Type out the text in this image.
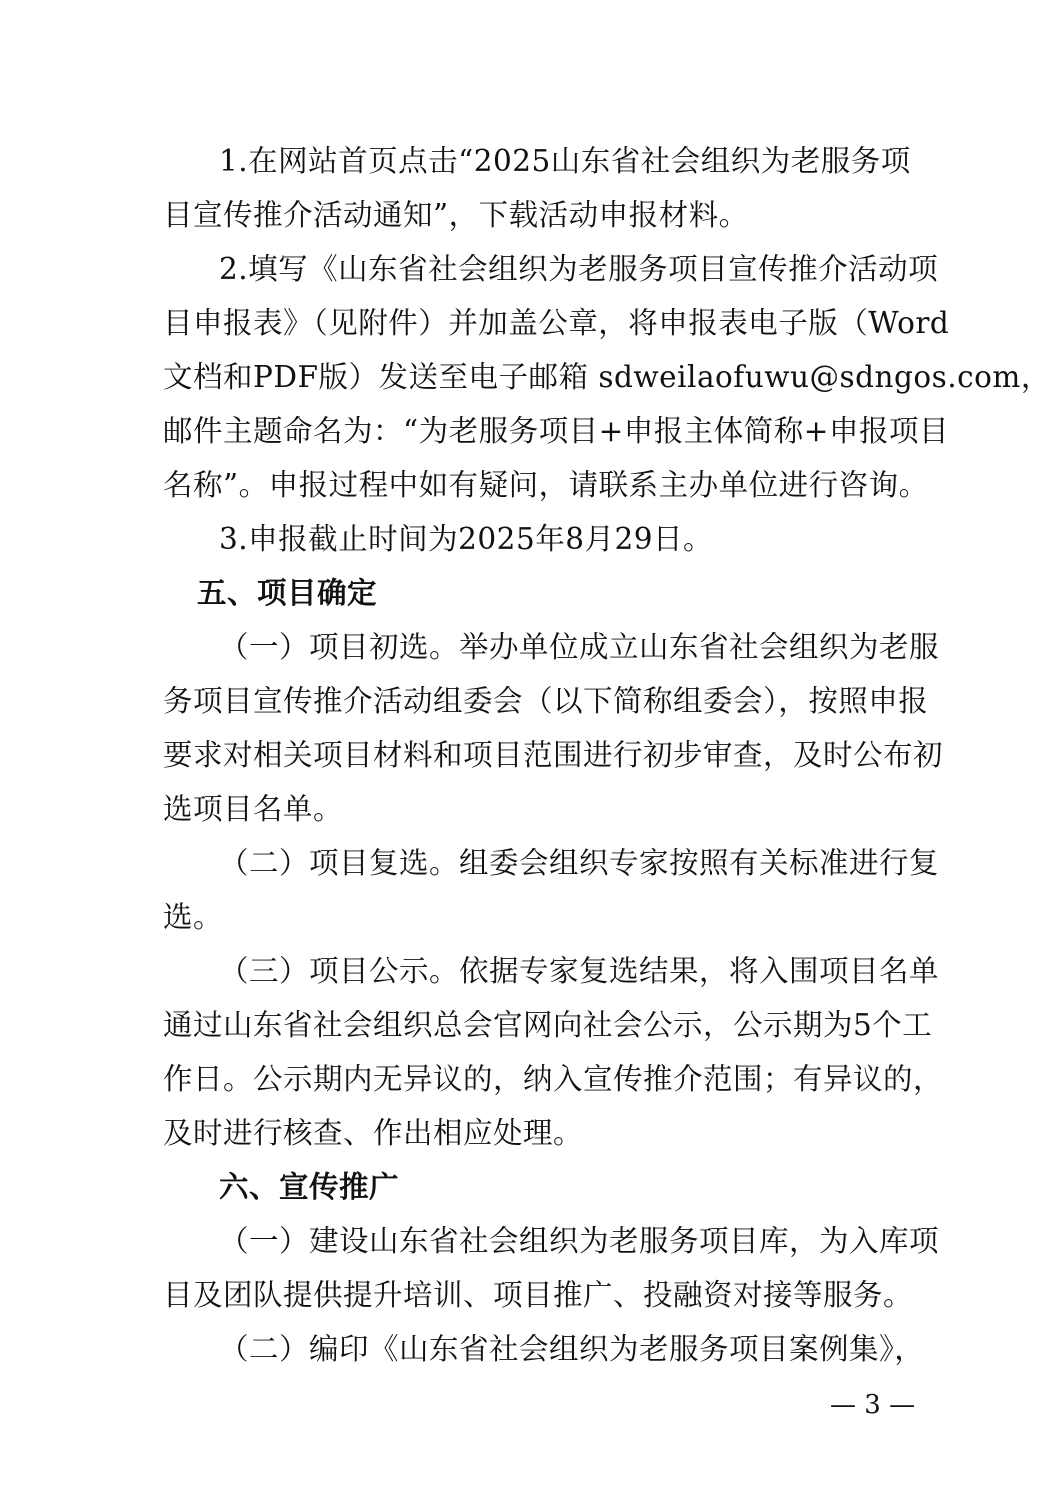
1.在网站首页点击“2025山东省社会组织为老服务项
目宣传推介活动通知”，下载活动申报材料。
2.填写《山东省社会组织为老服务项目宣传推介活动项
目申报表》（见附件）并加盖公章，将申报表电子版（Word
文档和PDF版）发送至电子邮箱 sdweilaofuwu@sdngos.com，
邮件主题命名为：“为老服务项目+申报主体简称+申报项目
名称”。申报过程中如有疑问，请联系主办单位进行咨询。
3.申报截止时间为2025年8月29日。
五、项目确定
（一）项目初选。举办单位成立山东省社会组织为老服
务项目宣传推介活动组委会（以下简称组委会），按照申报
要求对相关项目材料和项目范围进行初步审查，及时公布初
选项目名单。
（二）项目复选。组委会组织专家按照有关标准进行复
选。
（三）项目公示。依据专家复选结果，将入围项目名单
通过山东省社会组织总会官网向社会公示，公示期为5个工
作日。公示期内无异议的，纳入宣传推介范围；有异议的，
及时进行核查、作出相应处理。
六、宣传推广
（一）建设山东省社会组织为老服务项目库，为入库项
目及团队提供提升培训、项目推广、投融资对接等服务。
（二）编印《山东省社会组织为老服务项目案例集》，
— 3 —
